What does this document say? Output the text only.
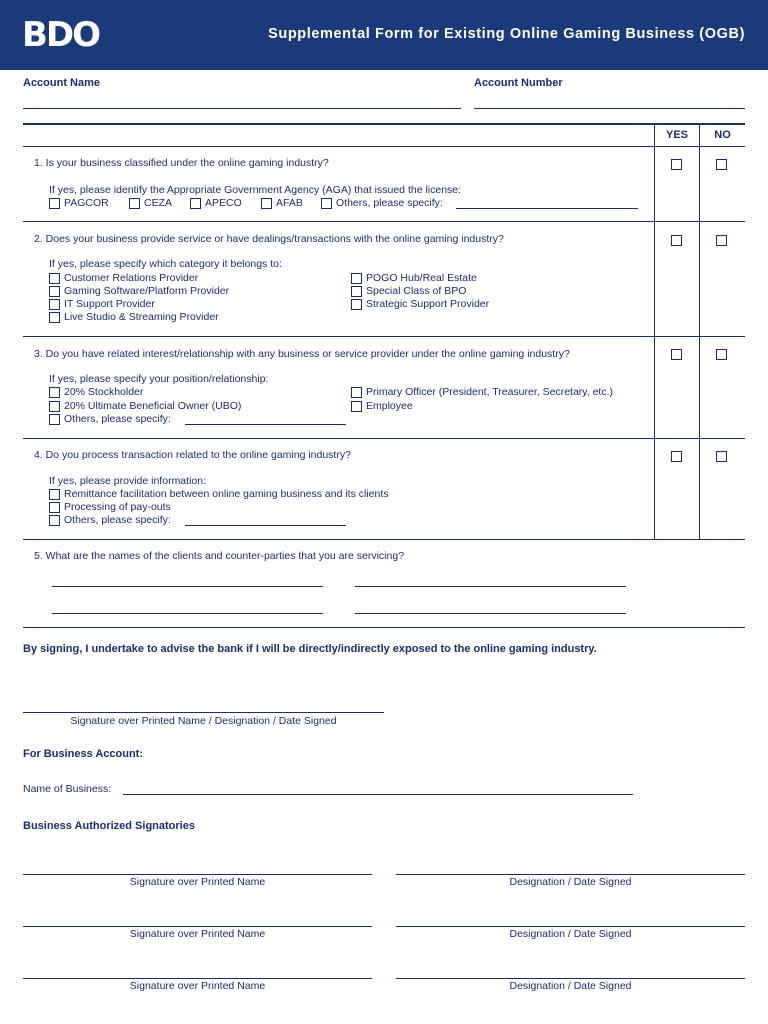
BDO	Supplemental Form for Existing Online Gaming Business (OGB)
Account Name	Account Number
YES	NO
1. Is your business classified under the online gaming industry?
If yes, please identify the Appropriate Government Agency (AGA) that issued the license:
PAGCOR	CEZA	APECO	AFAB	Others, please specify:
2. Does your business provide service or have dealings/transactions with the online gaming industry?
If yes, please specify which category it belongs to:
Customer Relations Provider
Gaming Software/Platform Provider
IT Support Provider
Live Studio & Streaming Provider
POGO Hub/Real Estate
Special Class of BPO
Strategic Support Provider
3. Do you have related interest/relationship with any business or service provider under the online gaming industry?
If yes, please specify your position/relationship:
20% Stockholder
20% Ultimate Beneficial Owner (UBO)
Others, please specify:
Primary Officer (President, Treasurer, Secretary, etc.)
Employee
4. Do you process transaction related to the online gaming industry?
If yes, please provide information:
Remittance facilitation between online gaming business and its clients
Processing of pay-outs
Others, please specify:
5. What are the names of the clients and counter-parties that you are servicing?
By signing, I undertake to advise the bank if I will be directly/indirectly exposed to the online gaming industry.
Signature over Printed Name / Designation / Date Signed
For Business Account:
Name of Business:
Business Authorized Signatories
Signature over Printed Name	Designation / Date Signed
Signature over Printed Name	Designation / Date Signed
Signature over Printed Name	Designation / Date Signed
